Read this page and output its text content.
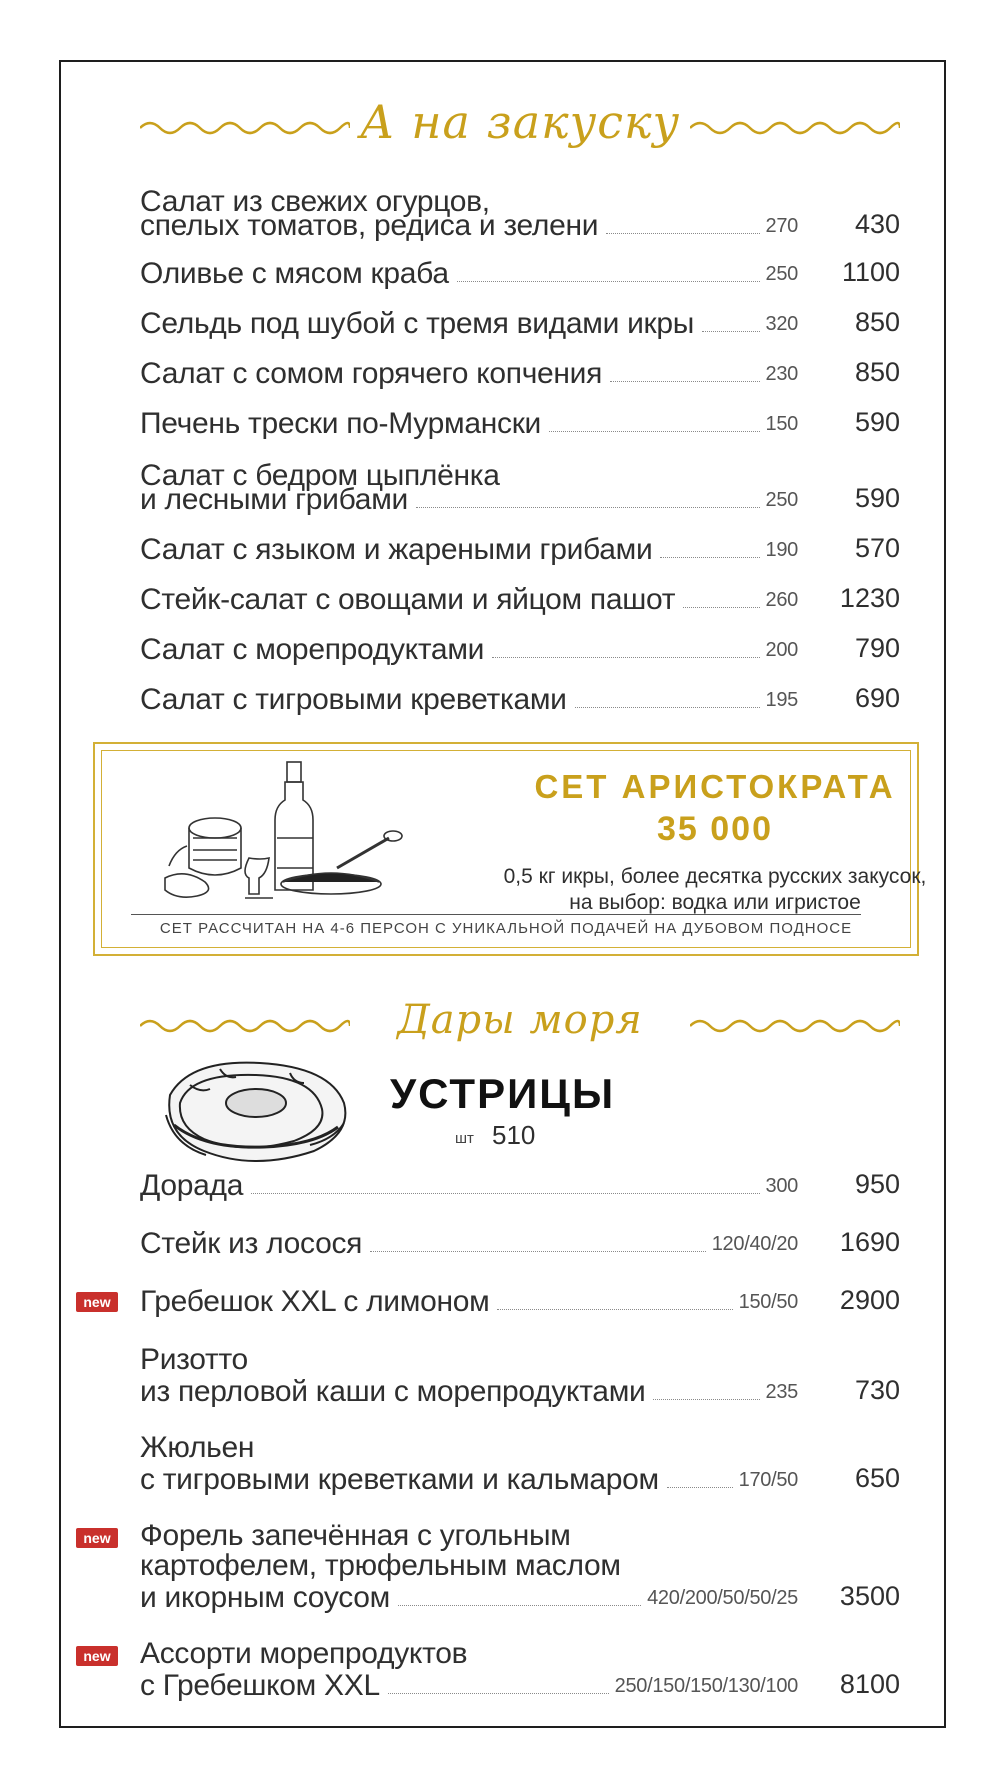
А на закуску
Салат из свежих огурцов,
спелых томатов, редиса и зелени	270	430
Оливье с мясом краба	250	1100
Сельдь под шубой с тремя видами икры	320	850
Салат с сомом горячего копчения	230	850
Печень трески по-Мурмански	150	590
Салат с бедром цыплёнка
и лесными грибами	250	590
Салат с языком и жареными грибами	190	570
Стейк-салат с овощами и яйцом пашот	260	1230
Салат с морепродуктами	200	790
Салат с тигровыми креветками	195	690
СЕТ АРИСТОКРАТА
35 000
0,5 кг икры, более десятка русских закусок,
на выбор: водка или игристое
СЕТ РАССЧИТАН НА 4-6 ПЕРСОН С УНИКАЛЬНОЙ ПОДАЧЕЙ НА ДУБОВОМ ПОДНОСЕ
Дары моря
УСТРИЦЫ
шт 510
Дорада	300	950
Стейк из лосося	120/40/20	1690
new Гребешок XXL с лимоном	150/50	2900
Ризотто
из перловой каши с морепродуктами	235	730
Жюльен
с тигровыми креветками и кальмаром	170/50	650
new Форель запечённая с угольным
картофелем, трюфельным маслом
и икорным соусом	420/200/50/50/25	3500
new Ассорти морепродуктов
с Гребешком XXL	250/150/150/130/100	8100
